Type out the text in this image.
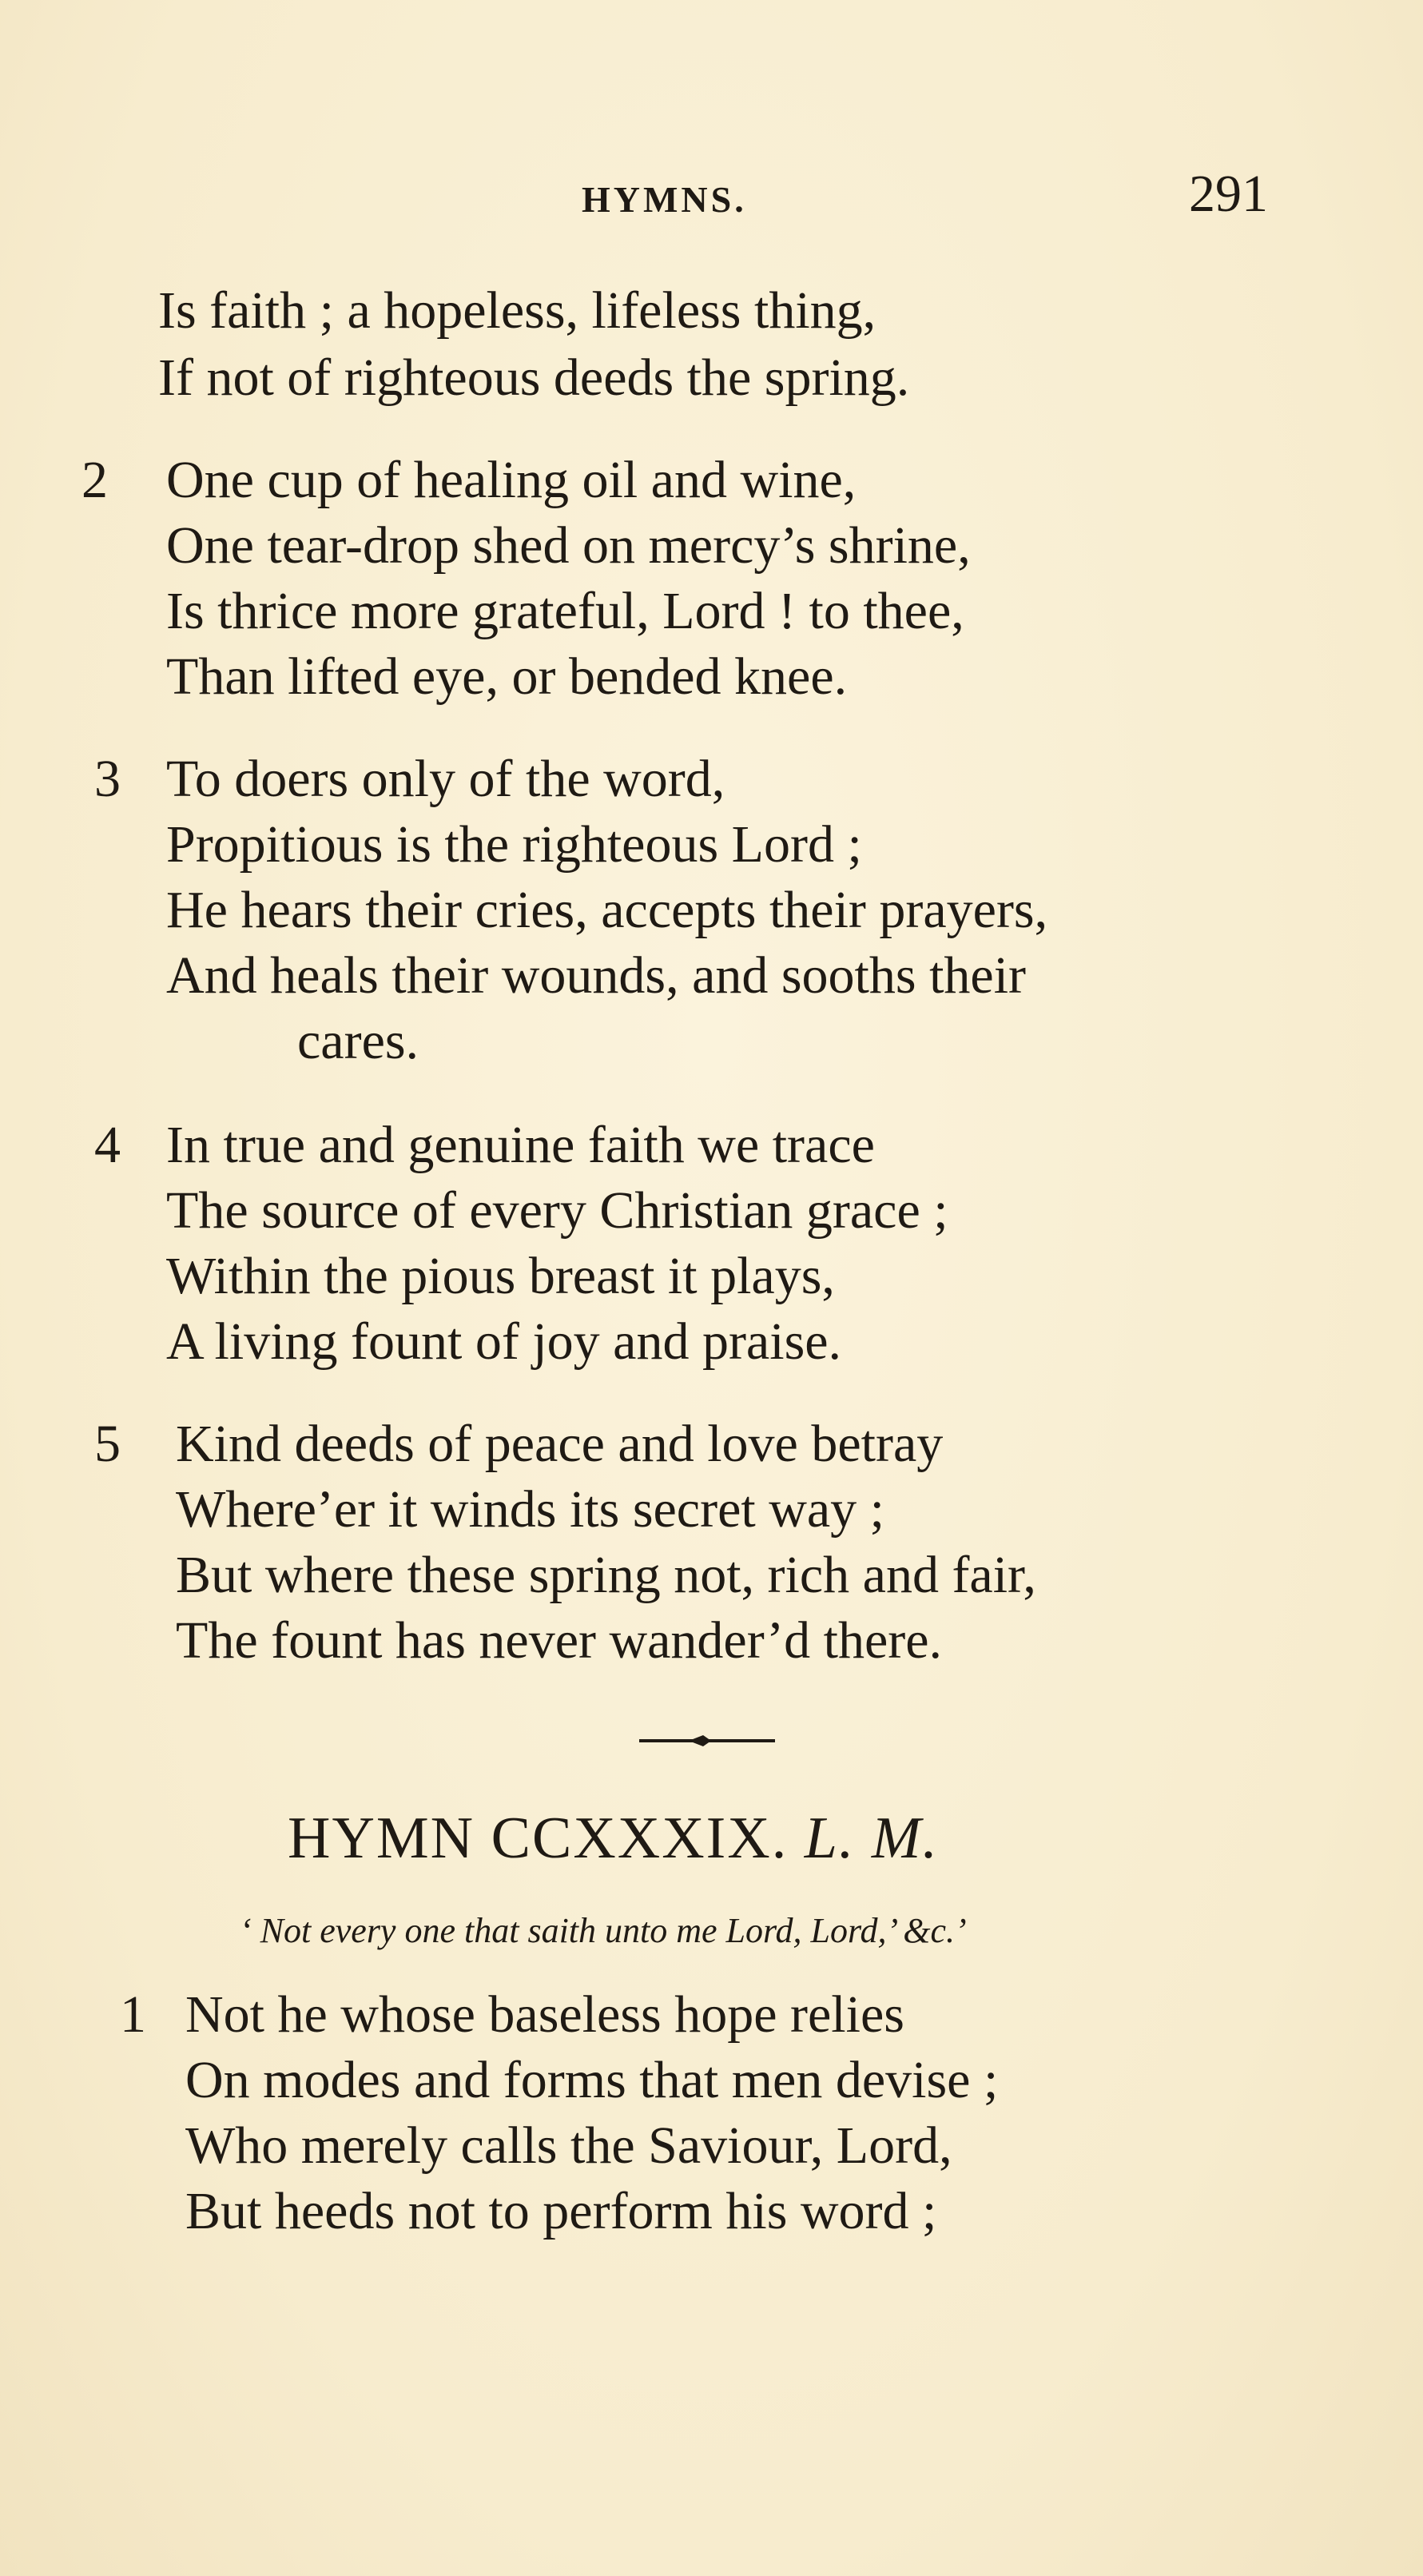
HYMNS.	291
Is faith ; a hopeless, lifeless thing,
If not of righteous deeds the spring.
2 One cup of healing oil and wine,
One tear-drop shed on mercy’s shrine,
Is thrice more grateful, Lord ! to thee,
Than lifted eye, or bended knee.
3 To doers only of the word,
Propitious is the righteous Lord ;
He hears their cries, accepts their prayers,
And heals their wounds, and sooths their
cares.
4 In true and genuine faith we trace
The source of every Christian grace ;
Within the pious breast it plays,
A living fount of joy and praise.
5 Kind deeds of peace and love betray
Where’er it winds its secret way ;
But where these spring not, rich and fair,
The fount has never wander’d there.
HYMN CCXXXIX. L. M.
‘ Not every one that saith unto me Lord, Lord,’ &c.’
1 Not he whose baseless hope relies
On modes and forms that men devise ;
Who merely calls the Saviour, Lord,
But heeds not to perform his word ;
